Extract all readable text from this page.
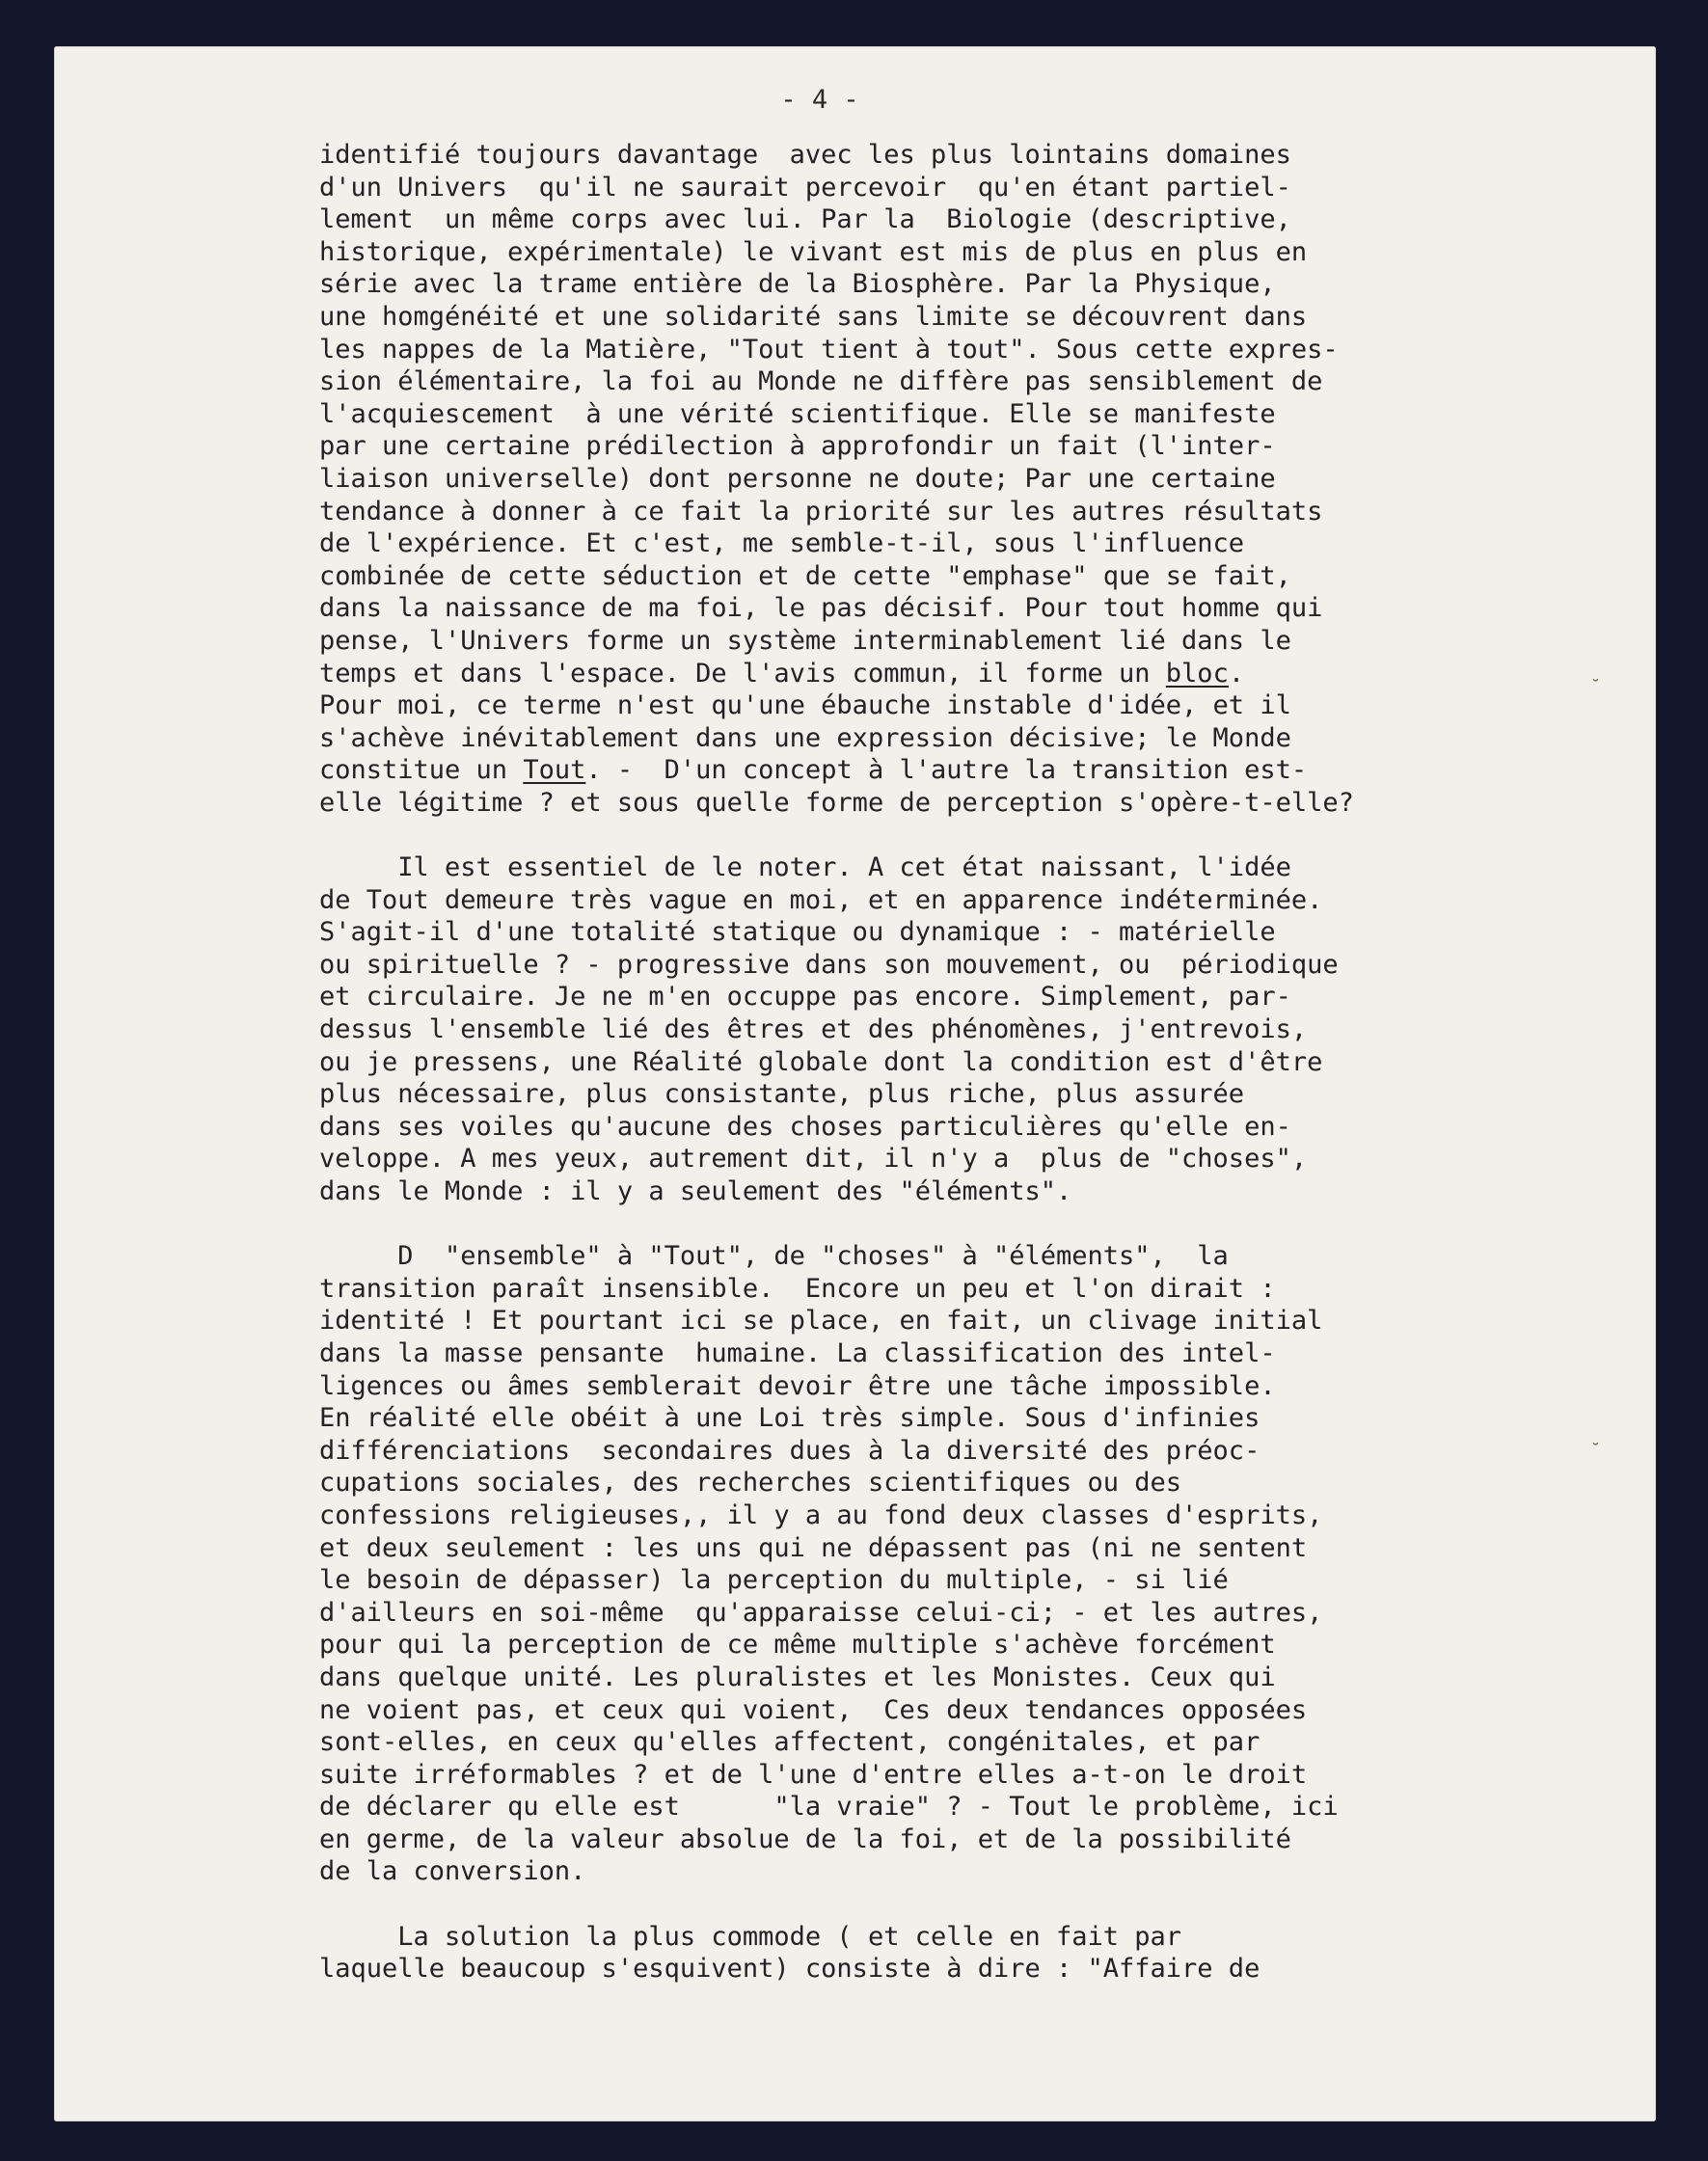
- 4 -
identifié toujours davantage  avec les plus lointains domaines
d'un Univers  qu'il ne saurait percevoir  qu'en étant partiel-
lement  un même corps avec lui. Par la  Biologie (descriptive,
historique, expérimentale) le vivant est mis de plus en plus en
série avec la trame entière de la Biosphère. Par la Physique,
une homgénéité et une solidarité sans limite se découvrent dans
les nappes de la Matière, "Tout tient à tout". Sous cette expres-
sion élémentaire, la foi au Monde ne diffère pas sensiblement de
l'acquiescement  à une vérité scientifique. Elle se manifeste
par une certaine prédilection à approfondir un fait (l'inter-
liaison universelle) dont personne ne doute; Par une certaine
tendance à donner à ce fait la priorité sur les autres résultats
de l'expérience. Et c'est, me semble-t-il, sous l'influence
combinée de cette séduction et de cette "emphase" que se fait,
dans la naissance de ma foi, le pas décisif. Pour tout homme qui
pense, l'Univers forme un système interminablement lié dans le
temps et dans l'espace. De l'avis commun, il forme un bloc.
Pour moi, ce terme n'est qu'une ébauche instable d'idée, et il
s'achève inévitablement dans une expression décisive; le Monde
constitue un Tout. -  D'un concept à l'autre la transition est-
elle légitime ? et sous quelle forme de perception s'opère-t-elle?
Il est essentiel de le noter. A cet état naissant, l'idée
de Tout demeure très vague en moi, et en apparence indéterminée.
S'agit-il d'une totalité statique ou dynamique : - matérielle
ou spirituelle ? - progressive dans son mouvement, ou  périodique
et circulaire. Je ne m'en occuppe pas encore. Simplement, par-
dessus l'ensemble lié des êtres et des phénomènes, j'entrevois,
ou je pressens, une Réalité globale dont la condition est d'être
plus nécessaire, plus consistante, plus riche, plus assurée
dans ses voiles qu'aucune des choses particulières qu'elle en-
veloppe. A mes yeux, autrement dit, il n'y a  plus de "choses",
dans le Monde : il y a seulement des "éléments".
D  "ensemble" à "Tout", de "choses" à "éléments",  la
transition paraît insensible.  Encore un peu et l'on dirait :
identité ! Et pourtant ici se place, en fait, un clivage initial
dans la masse pensante  humaine. La classification des intel-
ligences ou âmes semblerait devoir être une tâche impossible.
En réalité elle obéit à une Loi très simple. Sous d'infinies
différenciations  secondaires dues à la diversité des préoc-
cupations sociales, des recherches scientifiques ou des
confessions religieuses,, il y a au fond deux classes d'esprits,
et deux seulement : les uns qui ne dépassent pas (ni ne sentent
le besoin de dépasser) la perception du multiple, - si lié
d'ailleurs en soi-même  qu'apparaisse celui-ci; - et les autres,
pour qui la perception de ce même multiple s'achève forcément
dans quelque unité. Les pluralistes et les Monistes. Ceux qui
ne voient pas, et ceux qui voient,  Ces deux tendances opposées
sont-elles, en ceux qu'elles affectent, congénitales, et par
suite irréformables ? et de l'une d'entre elles a-t-on le droit
de déclarer qu elle est      "la vraie" ? - Tout le problème, ici
en germe, de la valeur absolue de la foi, et de la possibilité
de la conversion.
La solution la plus commode ( et celle en fait par
laquelle beaucoup s'esquivent) consiste à dire : "Affaire de
˘
˘
